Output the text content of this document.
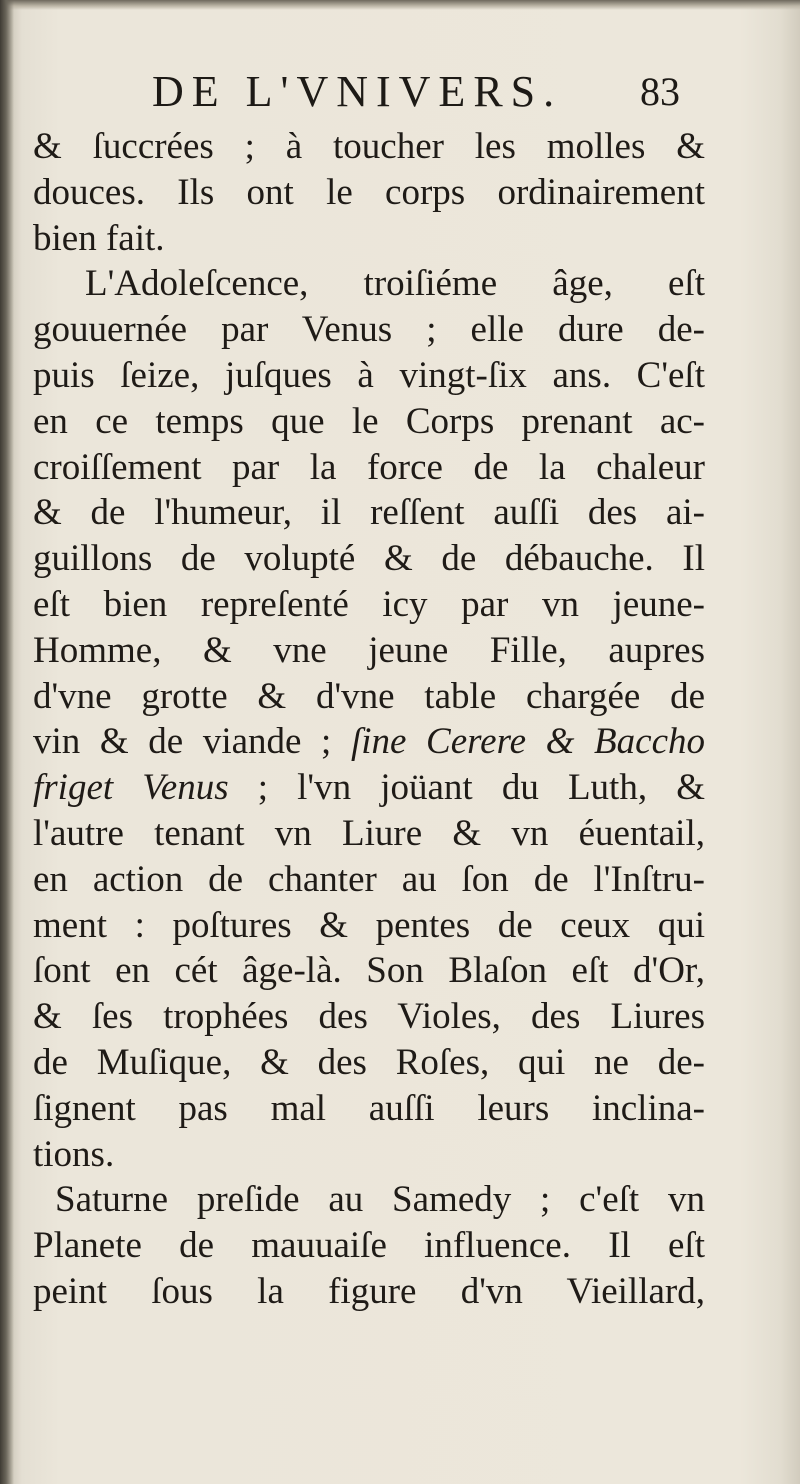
DE L'VNIVERS. 83
& ſuccrées ; à toucher les molles &
douces. Ils ont le corps ordinairement
bien fait.
L'Adoleſcence, troiſiéme âge, eſt
gouuernée par Venus ; elle dure de-
puis ſeize, juſques à vingt-ſix ans. C'eſt
en ce temps que le Corps prenant ac-
croiſſement par la force de la chaleur
& de l'humeur, il reſſent auſſi des ai-
guillons de volupté & de débauche. Il
eſt bien repreſenté icy par vn jeune-
Homme, & vne jeune Fille, aupres
d'vne grotte & d'vne table chargée de
vin & de viande ; ſine Cerere & Baccho
friget Venus ; l'vn joüant du Luth, &
l'autre tenant vn Liure & vn éuentail,
en action de chanter au ſon de l'Inſtru-
ment : poſtures & pentes de ceux qui
ſont en cét âge-là. Son Blaſon eſt d'Or,
& ſes trophées des Violes, des Liures
de Muſique, & des Roſes, qui ne de-
ſignent pas mal auſſi leurs inclina-
tions.
Saturne preſide au Samedy ; c'eſt vn
Planete de mauuaiſe influence. Il eſt
peint ſous la figure d'vn Vieillard,
